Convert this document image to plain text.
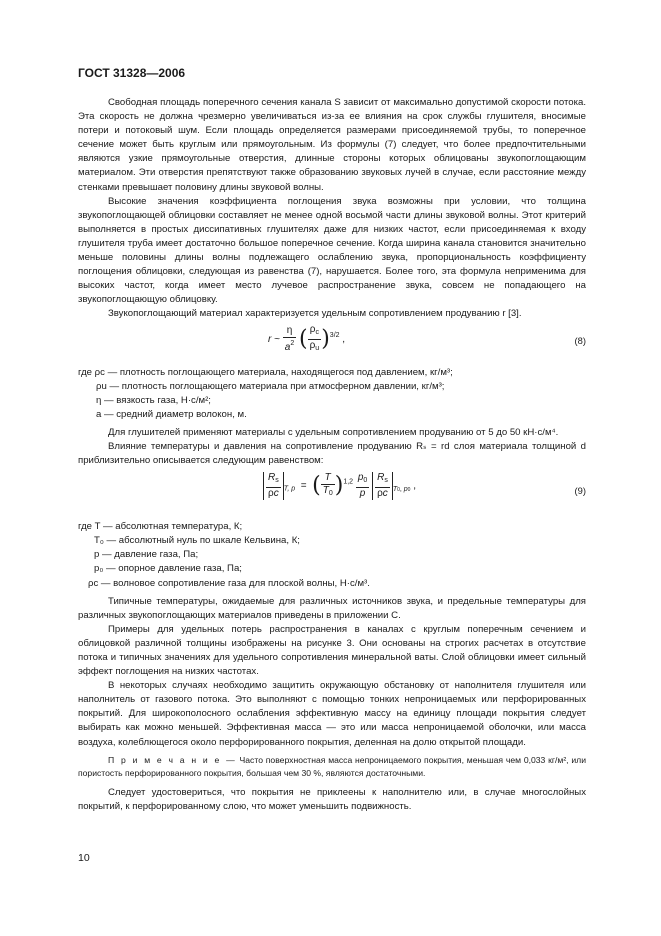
ГОСТ 31328—2006

Свободная площадь поперечного сечения канала S зависит от максимально допустимой скорости потока. Эта скорость не должна чрезмерно увеличиваться из-за ее влияния на срок службы глушителя, вносимые потери и потоковый шум. Если площадь определяется размерами присоединяемой трубы, то поперечное сечение может быть круглым или прямоугольным. Из формулы (7) следует, что более предпочтительными являются узкие прямоугольные отверстия, длинные стороны которых облицованы звукопоглощающим материалом. Эти отверстия препятствуют также образованию звуковых лучей в случае, если расстояние между стенками превышает половину длины звуковой волны.

Высокие значения коэффициента поглощения звука возможны при условии, что толщина звукопоглощающей облицовки составляет не менее одной восьмой части длины звуковой волны. Этот критерий выполняется в простых диссипативных глушителях даже для низких частот, если присоединяемая к входу глушителя труба имеет достаточно большое поперечное сечение. Когда ширина канала становится значительно меньше половины длины волны подлежащего ослаблению звука, пропорциональность коэффициенту поглощения облицовки, следующая из равенства (7), нарушается. Более того, эта формула неприменима для высоких частот, когда имеет место лучевое распространение звука, совсем не попадающего на звукопоглощающую облицовку.

Звукопоглощающий материал характеризуется удельным сопротивлением продуванию r [3].

r ~ $\frac{\eta}{a^2}$ ( $\frac{\rho_c}{\rho_u} )^{3/2}$ ,	(8)

где ρc — плотность поглощающего материала, находящегося под давлением, кг/м³;

ρu — плотность поглощающего материала при атмосферном давлении, кг/м³;

η — вязкость газа, Н·с/м²;

a — средний диаметр волокон, м.

Для глушителей применяют материалы с удельным сопротивлением продуванию от 5 до 50 кН·с/м⁴.

Влияние температуры и давления на сопротивление продуванию Rₛ = rd слоя материала толщиной d приблизительно описывается следующим равенством:

$\frac{R_s}{\rho c} _{T, p}$  =  ( $\frac{T}{T_0} )^{1,2} \frac{p_0}{p}$
$\frac{R_s}{\rho c} _{T0, p0}$ ,	(9)

где T — абсолютная температура, К;

T₀ — абсолютный нуль по шкале Кельвина, К;

p — давление газа, Па;

p₀ — опорное давление газа, Па;

ρc — волновое сопротивление газа для плоской волны, Н·с/м³.

Типичные температуры, ожидаемые для различных источников звука, и предельные температуры для различных звукопоглощающих материалов приведены в приложении С.

Примеры для удельных потерь распространения в каналах с круглым поперечным сечением и облицовкой различной толщины изображены на рисунке 3. Они основаны на строгих расчетах в отсутствие потока и типичных значениях для удельного сопротивления минеральной ваты. Слой облицовки имеет сильный эффект поглощения на низких частотах.

В некоторых случаях необходимо защитить окружающую обстановку от наполнителя глушителя или наполнитель от газового потока. Это выполняют с помощью тонких непроницаемых или перфорированных покрытий. Для широкополосного ослабления эффективную массу на единицу площади покрытия следует выбирать как можно меньшей. Эффективная масса — это или масса непроницаемой оболочки, или масса воздуха, колеблющегося около перфорированного покрытия, деленная на долю открытой площади.

П р и м е ч а н и е — Часто поверхностная масса непроницаемого покрытия, меньшая чем 0,033 кг/м², или пористость перфорированного покрытия, большая чем 30 %, являются достаточными.

Следует удостовериться, что покрытия не приклеены к наполнителю или, в случае многослойных покрытий, к перфорированному слою, что может уменьшить подвижность.

10
